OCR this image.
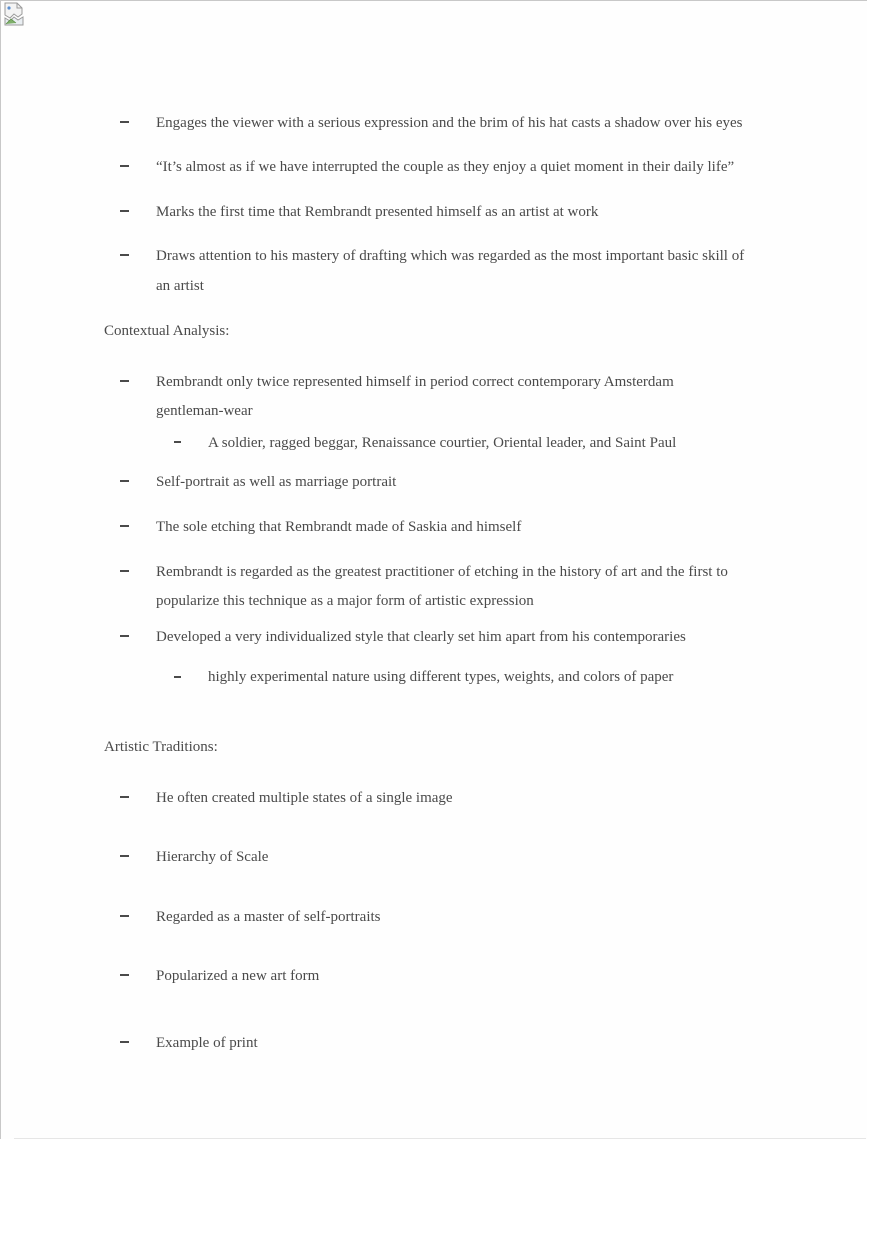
Engages the viewer with a serious expression and the brim of his hat casts a shadow over his eyes

“It’s almost as if we have interrupted the couple as they enjoy a quiet moment in their daily life”

Marks the first time that Rembrandt presented himself as an artist at work

Draws attention to his mastery of drafting which was regarded as the most important basic skill of

an artist

Contextual Analysis:

Rembrandt only twice represented himself in period correct contemporary Amsterdam

gentleman-wear

A soldier, ragged beggar, Renaissance courtier, Oriental leader, and Saint Paul

Self-portrait as well as marriage portrait

The sole etching that Rembrandt made of Saskia and himself

Rembrandt is regarded as the greatest practitioner of etching in the history of art and the first to

popularize this technique as a major form of artistic expression

Developed a very individualized style that clearly set him apart from his contemporaries

highly experimental nature using different types, weights, and colors of paper

Artistic Traditions:

He often created multiple states of a single image

Hierarchy of Scale

Regarded as a master of self-portraits

Popularized a new art form

Example of print
